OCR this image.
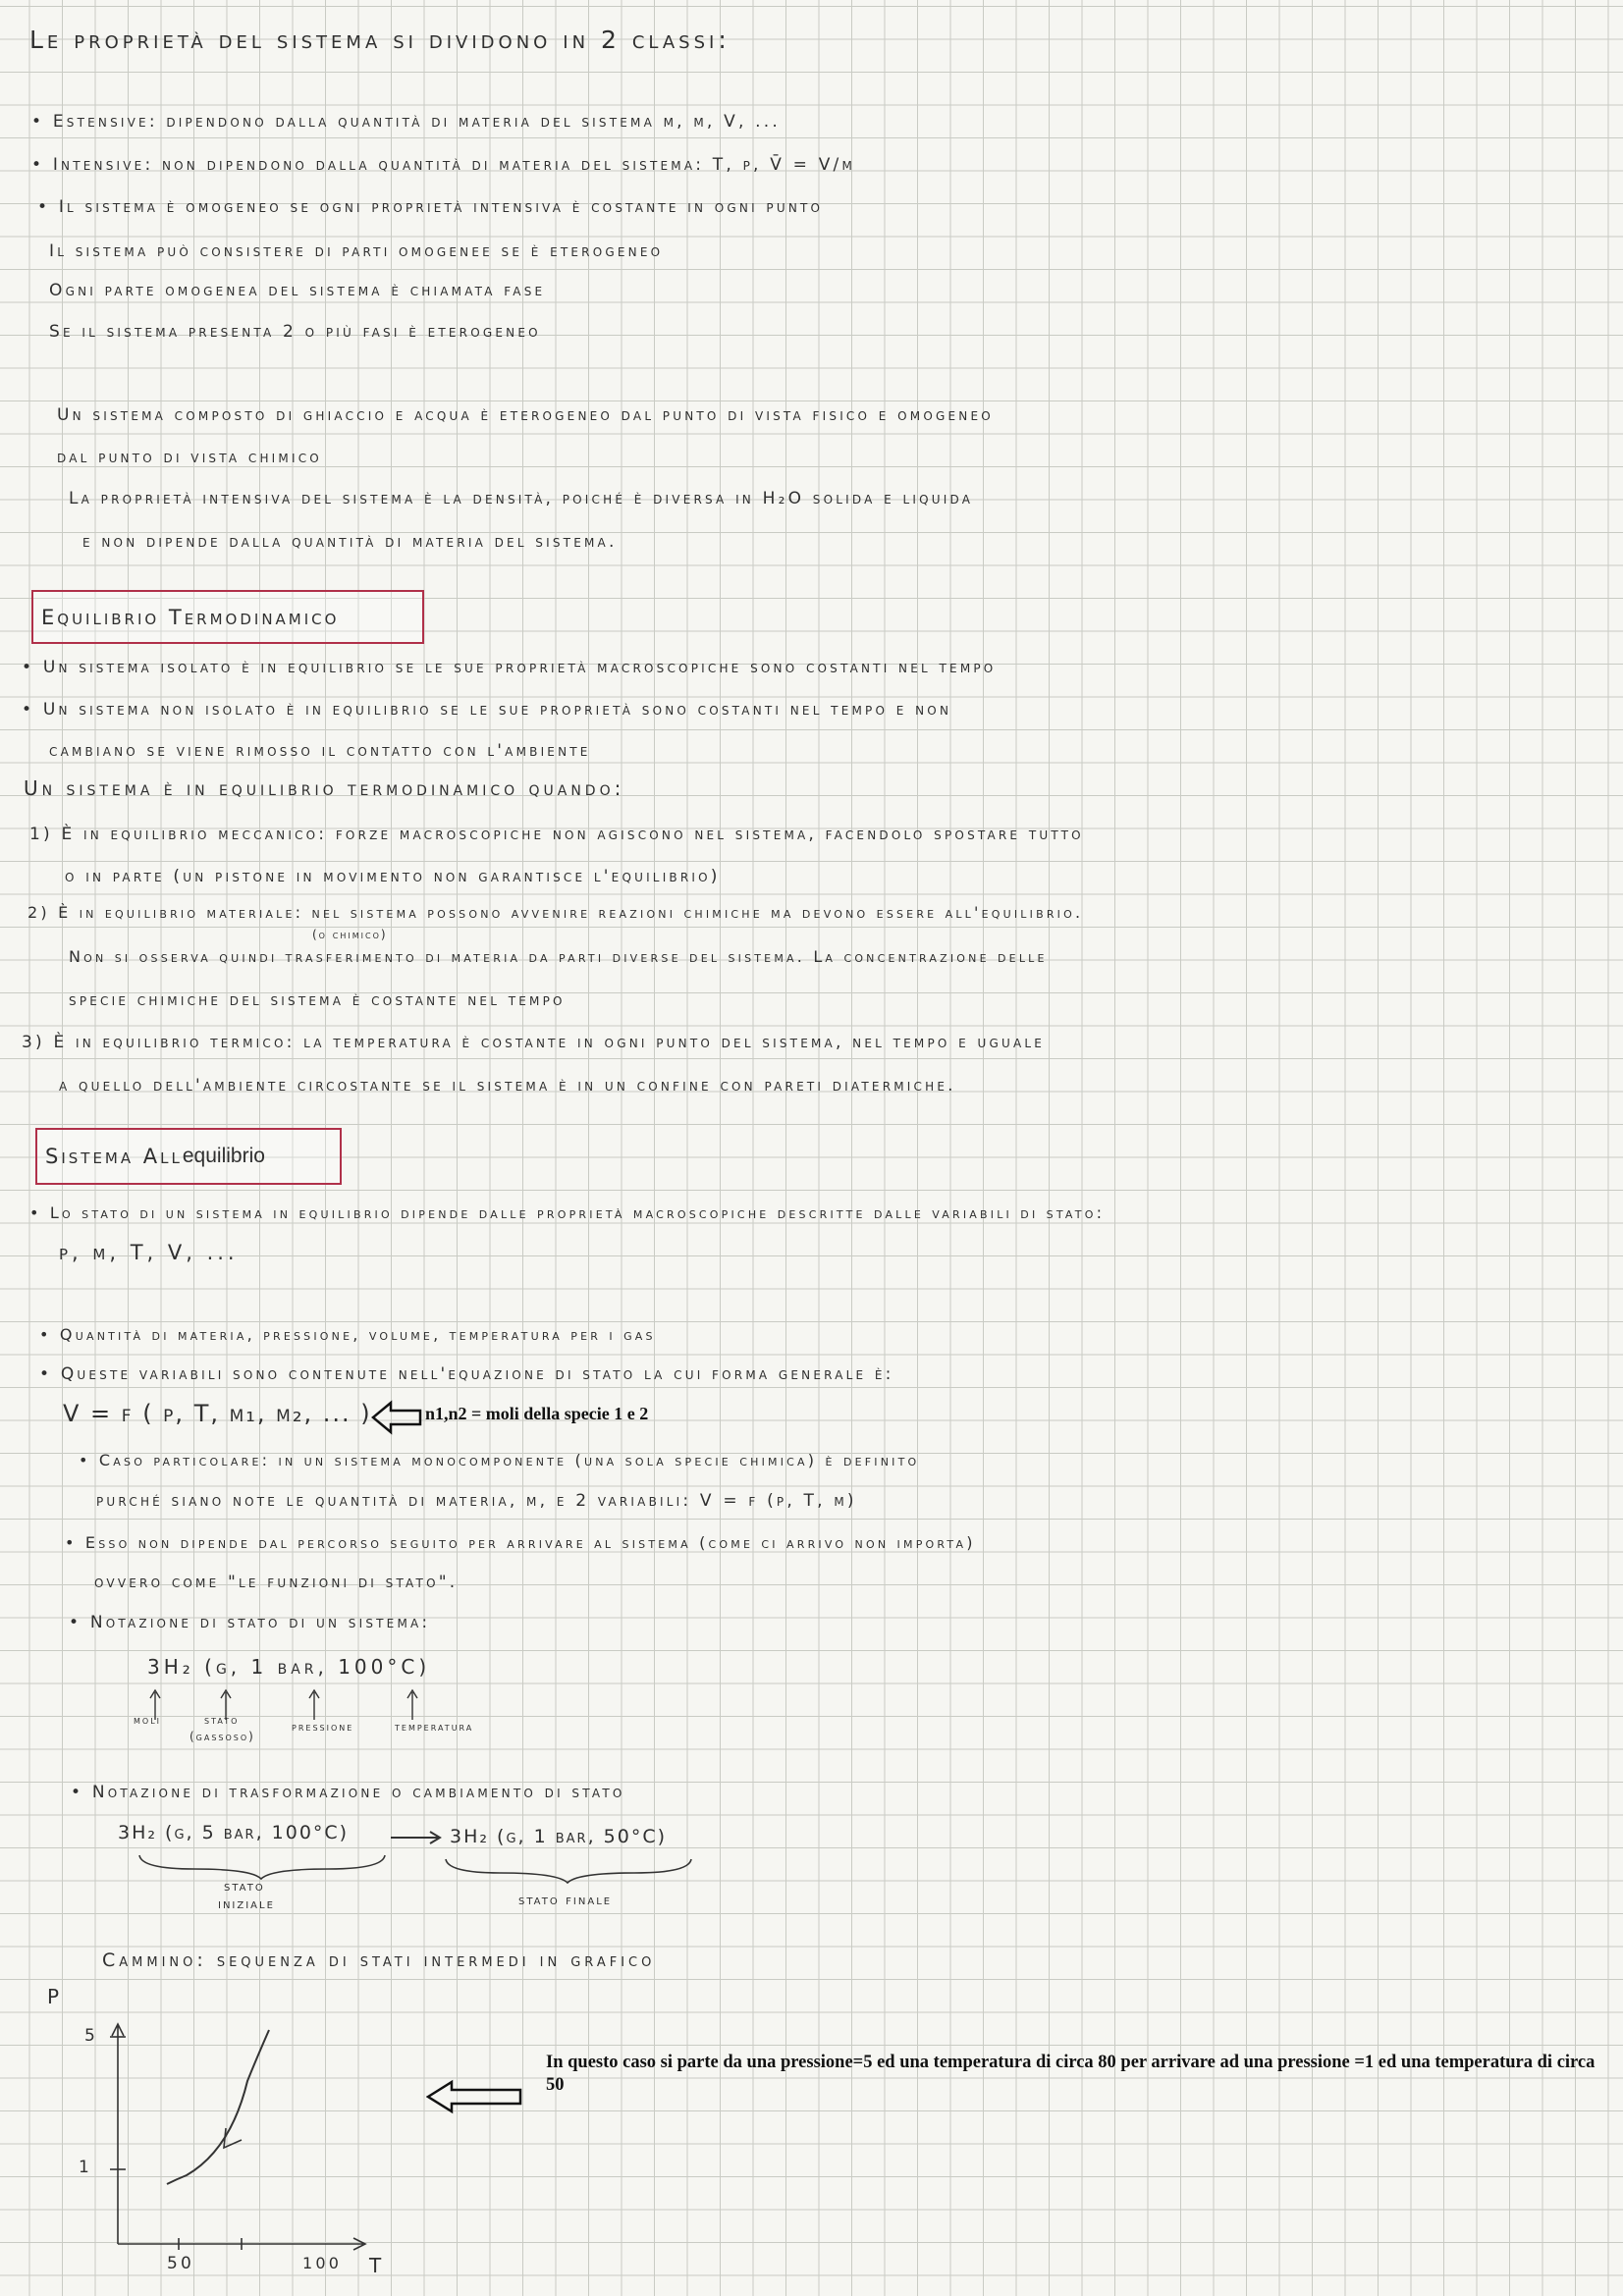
Le proprietà del sistema si dividono in 2 classi:
• Estensive: dipendono dalla quantità di materia del sistema m, m, V, ...
• Intensive: non dipendono dalla quantità di materia del sistema: T, p, V̄ = V/m
• Il sistema è omogeneo se ogni proprietà intensiva è costante in ogni punto
Il sistema può consistere di parti omogenee se è eterogeneo
Ogni parte omogenea del sistema è chiamata fase
Se il sistema presenta 2 o più fasi è eterogeneo
Un sistema composto di ghiaccio e acqua è eterogeneo dal punto di vista fisico e omogeneo
dal punto di vista chimico
La proprietà intensiva del sistema è la densità, poiché è diversa in H₂O solida e liquida
e non dipende dalla quantità di materia del sistema.
Equilibrio Termodinamico
• Un sistema isolato è in equilibrio se le sue proprietà macroscopiche sono costanti nel tempo
• Un sistema non isolato è in equilibrio se le sue proprietà sono costanti nel tempo e non
cambiano se viene rimosso il contatto con l'ambiente
Un sistema è in equilibrio termodinamico quando:
1) È in equilibrio meccanico: forze macroscopiche non agiscono nel sistema, facendolo spostare tutto
o in parte (un pistone in movimento non garantisce l'equilibrio)
(o chimico)
2) È in equilibrio materiale: nel sistema possono avvenire reazioni chimiche ma devono essere all'equilibrio.
Non si osserva quindi trasferimento di materia da parti diverse del sistema. La concentrazione delle
specie chimiche del sistema è costante nel tempo
3) È in equilibrio termico: la temperatura è costante in ogni punto del sistema, nel tempo e uguale
a quello dell'ambiente circostante se il sistema è in un confine con pareti diatermiche.
Sistema All equilibrio
• Lo stato di un sistema in equilibrio dipende dalle proprietà macroscopiche descritte dalle variabili di stato:
p, m, T, V, ...
• Quantità di materia, pressione, volume, temperatura per i gas
• Queste variabili sono contenute nell'equazione di stato la cui forma generale è:
V = f ( p, T, m₁, m₂, ... )	n1,n2 = moli della specie 1 e 2
• Caso particolare: in un sistema monocomponente (una sola specie chimica) è definito
purché siano note le quantità di materia, m, e 2 variabili: V = f (p, T, m)
• Esso non dipende dal percorso seguito per arrivare al sistema (come ci arrivo non importa)
ovvero come "le funzioni di stato".
• Notazione di stato di un sistema:
3H₂ (g, 1 bar, 100°C)
moli	stato
(gassoso)
pressione	temperatura
• Notazione di trasformazione o cambiamento di stato
3H₂ (g, 5 bar, 100°C)	3H₂ (g, 1 bar, 50°C)
stato
iniziale	stato finale
Cammino: sequenza di stati intermedi in grafico
P
5
1
50	100 T
In questo caso si parte da una pressione=5 ed una temperatura di circa 80 per arrivare ad una pressione =1 ed una temperatura di circa 50
